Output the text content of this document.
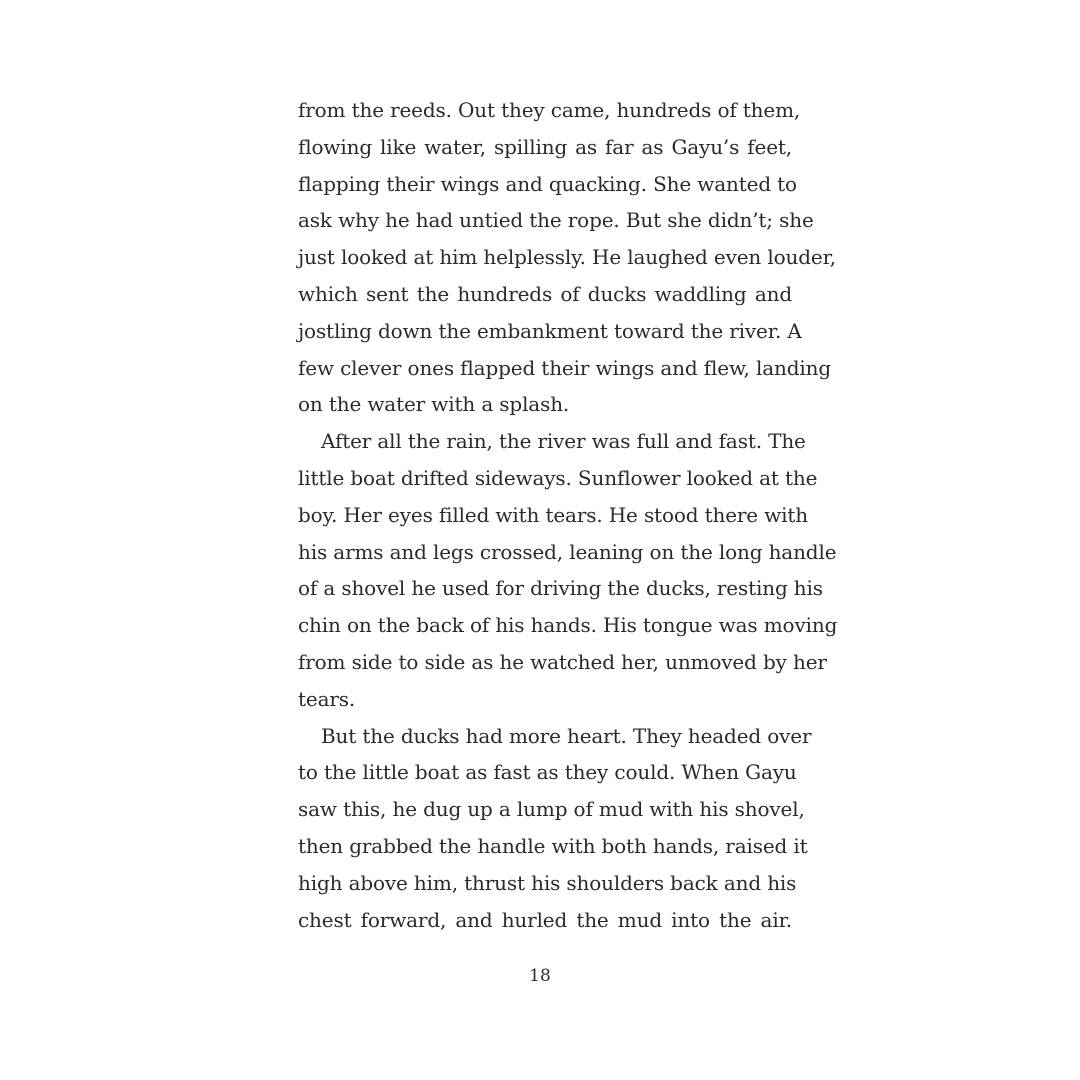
from the reeds. Out they came, hundreds of them,
flowing like water, spilling as far as Gayu’s feet,
flapping their wings and quacking. She wanted to
ask why he had untied the rope. But she didn’t; she
just looked at him helplessly. He laughed even louder,
which sent the hundreds of ducks waddling and
jostling down the embankment toward the river. A
few clever ones flapped their wings and flew, landing
on the water with a splash.
After all the rain, the river was full and fast. The
little boat drifted sideways. Sunflower looked at the
boy. Her eyes filled with tears. He stood there with
his arms and legs crossed, leaning on the long handle
of a shovel he used for driving the ducks, resting his
chin on the back of his hands. His tongue was moving
from side to side as he watched her, unmoved by her
tears.
But the ducks had more heart. They headed over
to the little boat as fast as they could. When Gayu
saw this, he dug up a lump of mud with his shovel,
then grabbed the handle with both hands, raised it
high above him, thrust his shoulders back and his
chest forward, and hurled the mud into the air.
18
